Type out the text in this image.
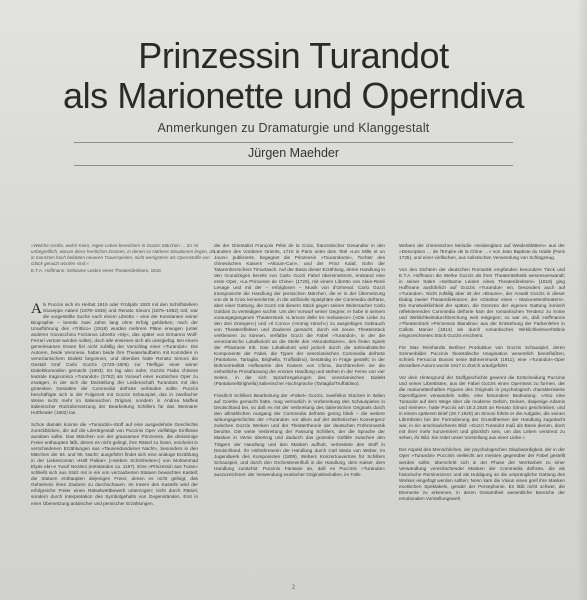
Prinzessin Turandot
als Marionette und Operndiva
Anmerkungen zu Dramaturgie und Klanggestalt
Jürgen Maehder

»Welche Größe, welch Keim, regen Leben bereichern in Gozzis Märchen … Es ist unbegreiflich, warum diese herrlichen Dramen, in denen so stärkere Situationen liegen, als in manchen hoch belobten neueren Trauerspielen, nicht wenigstens als Opernstoffe von Glück genutzt worden sind.«

E.T.A. Hoffmann: Seltsame Leiden eines Theaterdirektors, 1818

Als Puccini sich im Herbst 1919 oder Frühjahr 1920 mit den Schriftstellern Giuseppe Adami (1878–1946) und Renato Simoni (1875–1952) traf, war die vorgestellte Suche nach einem Libretto – eine der Konstanten seiner Biographie – bereits zwei Jahre lang ohne Erfolg geblieben; nach der Uraufführung des »Trittico« (1918) wurden mehrere Pläne erwogen (unter anderen Giovacchino Forzanos Libretto »Sly«, das später von Ermanno Wolf-Ferrari vertont werden sollte), doch alle erwiesen sich als unergiebig. Bei einem gemeinsamen Essen fiel nicht zufällig der Vorschlag einer »Turandot«. Die Autoren, beide Veronese, hatten beide ihre Theaterlaufbahn mit Komödien in venezianischem Dialekt begonnen, und überdies hatte Renato Simoni die Gestalt Graf Carlo Gozzis (1720–1806) zur Titelfigur einer seiner Dialektkomödien gemacht (1903). Es lag also nahe, Gozzis Fiaba chinese teatrale tragicomica »Turandot« (1762) als Vorwurf einer exotischen Oper zu erwägen, in der sich die Darstellung der Leidenschaft Turandots mit den grotesken Gestalten der Commedia dell'arte verbinden sollte. Puccini beschäftigte sich in der Folgezeit mit Gozzis Schauspiel, das in zweifacher Weise nicht mehr im italienischen Original, sondern in Andrea Maffeis italienischer Rückübersetzung der Bearbeitung Schillers für das Weimarer Hoftheater (1802) las.

Schon damals konnte die »Turandot«-Stoff auf eine ausgedehnte Geschichte zurückblicken, die auf die Literärgestalt von Puccinis Oper vielfältige Einflüsse ausüben sollte. Das Märchen von der grausamen Prinzessin, die dreisinnige Freier enthaupten läßt, denen es nicht gelingt, ihre Rätsel zu lösen, erscheint in verschiedenen Erzählungen aus »Tausendundeiner Nacht«, besonders in den Märchen der 84. und 90. Nacht; ausgeführt findet sich eine analoge Erzählung in der Liebesroman »Haft Paikar« (»Sieben Schönheiten«) von Mohammad Elyās ebn-e Yusof Nezāmi (entstanden ca. 1197). Eine »Prinzessin aus Turan« schließt sich aus Stolz mit in ein von verzauberten Statuen bewachtes Kastell; die Statuen enthaupten diejenigen Freier, denen es nicht gelingt, das Geheimnis ihres Zaubers zu durchschauen. Im Innern des Kastells wird der erfolgreiche Freier einen Rätselwettbewerb unterzogen; nicht durch Rätsel, sondern durch Interpretation des Symbolgehalts von Gegenständen. Erst in einer Übersetzung arabischer und persischer Erzählungen,

die der Orientalist François Pétis de la Croix, französischer Gesandter in den Ländern des Vorderen Orients, 1710 in Paris unter dem Titel »Les Mille et un Jours« publizierte, begegnet die Prinzessin »Tourandocte«, Tochter des chinesischen Kaisers »Altoum-Can«, und der Prinz Kalaf, Sohn der Tatarenherrschers Timurtasch. Auf der Basis dieser Erzählung, deren Handlung in den Grundzügen bereits von Carlo Gozzi Fabel übereinstimmt, entstand eine erste Oper, »La Princesse de Chine« (1729), mit einem Libretto von Alain-René Lesage und mit der – erfolglosen – Musik von d'Orneval. Carlo Gozzi transponierte die Handlung der persischen Märchen, die er in der Übersetzung von de la Croix kennenlernte, in die artifizielle Spielphäre der Commedia dell'arte, aber einer Gattung, die Gozzi mit diesem Stück gegen seinen Widersacher Carlo Goldoni zu verteidigen suchte. Um den Vorwurf seiner Gegner, er habe in seinem vorausgegangenen Theaterstück »L'amore delle tre melarance« (»Die Liebe zu den drei Orangen«) und »Il Corvo« (»König Hirsch«) zu ausgiebigen Gebrauch von Theatereffekten und Zauberei gemacht, durch ein neues Theaterstück verkleinern zu können, verfaßte Gozzi die Fabel »Turandot«, in der die venezianische Lokalkolorit an die Stelle des »Wunderbaren«, des freien Spiels der Phantasie tritt. Das Lokalkolorit wird jedoch durch die antirealistische Komponente der Fabel, die Typen der venezianischen Commedia dell'arte (Pantalone, Tartaglia, Brighella, Truffaldino), beständig in Frage gestellt; in der Bühnenrealität Hofbeamte des Kaisers von China, durchbrechen sie die einheitliche Prosafassung der ernsten Handlung und stehen in der Ferne von vier Seiten, in der sich Sprachregelungen des venezianischen Dialekt (Pantalone/Brighella) italienischer Hochsprache (Tartaglia/Truffaldino).

Friedrich Schillers Bearbeitung der »Fabel« Gozzis, zweifellos Stücken in Italien auf Goethe gemacht hatte, mag vermutlich in Vorbereitung des Schauspieles in Deutschland bei, so daß es mit der Verbreitung des italienischen Originals durch den allmählichen Ausgang der Commedia dell'arte gering blieb – die weitere wirkungsgeschichte der »Turandot« vor allem auf der ästhetischen Konvergenz zwischen Gozzis Werken und der Theatertheorie der deutschen Frühromantik beruhte. Die weite Verbreitung der Fassung Schillers, der die Sprache der Masken in Verse übertrug und dadurch das groteske Gefälle zwischen den Trägern der Handlung und den Masken aufhob, verbreitete den Stoff in Deutschland. Ihr Hinhöhrenerin der Handlung durch Carl Maria von Weber, im Jugendwerk des Komponisten (1809), Webers Konzertouvertüre für Schillers Schauspiel, und durch den Orchestereinfluß in die Handlung, dem Kaiser, dem Handlung zunächst: Puccinis Fantasie an, daß es Puccinis »Turandot« auszuzeichnen: der Verwendung exotischer Originalmelodien, im Falle

Webers der chinesischen Melodie »Seidenglanz auf Weidenblättern« aus der »Description … de l'Empire de la Chine …« von Jean Baptiste du Halde (Paris 1735), und einer vielfachen, aus solistischen Verwendung von Schlagzeug.

Von den Dichtern der deutschen Romantik empfanden besonders Tieck und E.T.A. Hoffmann die Werke Gozzis als ihrer Theaterästhetik wesensverwandt; in seiner Satire »Seltsame Leiden eines Theaterdirektors« (1818) ging Hoffmann ausführlich auf Gozzis »Turandot« ein, besonders auch auf »Turandot«. Nicht zufällig aber ist der »Braune«, der Anwalt Gozzis in dieser Dialog zweier Theaterdirektoren, der »Direktor eines – Marionettentheaters«. Die Kunstwirklichkeit der späten, die Grenzen der eigenen Gattung ironisch reflektierenden Commedia dell'arte kam der romantischen Tendenz zu Ironie und Wirklichkeitsdurchbrechung weit entgegen; so war es, daß Hoffmanns »Theaterstück »Prinzessin Blandina« aus der Entstehung der Farbenlehre in Callots Manier (1814) als durch romantisches Wirklichkeitsverhältnis eingezeichnetes Stück Gozzis erscheint.

Für Max Reinhardts Berliner Produktion von Gozzis Schauspiel, deren Szenenbilder Puccinis theatralische Imagination wesentlich beeinflußten, schrieb Ferruccio Busoni seine Bühnenmusik (1911); eine »Turandot«-Oper desselben Autors wurde 1917 in Zürich uraufgeführt.

Vor dem Hintergrund der Stoffgeschichte gewinnt die Entscheidung Puccinis und seiner Librettisten, aus der Fabel Gozzis einen Operntext zu formen, der die marionettenhaften Figuren des Originals in psychologisch charakterisierte Opernfiguren verwandeln sollte, eine besondere Bedeutung. »Also eine Turandot auf dem Wege über die moderne Gehirn, Deines, dasjenige Adamis und meines«, hatte Puccini am 18.3.1920 an Renato Simoni geschrieben; und in einem späteren Brief (28.7.1920) an Simoni führte er die Aufgabe, die seinen Librettisten bei der Formulierung der Grundthemen der Handlung zugedacht war, in ein anschaulicheres Bild: »Gozzi Turandot muß als Basis dienen, doch mit ihrer mehr konzentriert und glücklich sein, um das Leben verstreut zu sehen, ihr Bild. Sie reitet unser Vorstellung aus einer Liebe.«

Der Aspekt des Menschlichen, der psychologischen Glaubwürdigkeit, der in der Oper »Turandot« Puccinis vielleicht am meisten gegenüber der Fabel gestellt werden sollte, überschritt sich in der Phase der Werkarbeit zu einer Verwandlung vereinfachender Masken der Commedia dell'arte, die als historische Remineszenz und als Huldigung an die ursprüngliche Gattung des Werkes eingefügt werden sollten; Nenn kam die Vision eines grell ihre Masken exotischen Spektakels, gerade der Persephonie. Es läßt nicht schwer, die Elemente zu erkennen, in deren Gesamtheit wesentliche Bereiche der emotionalen Vorstellungswelt

2
